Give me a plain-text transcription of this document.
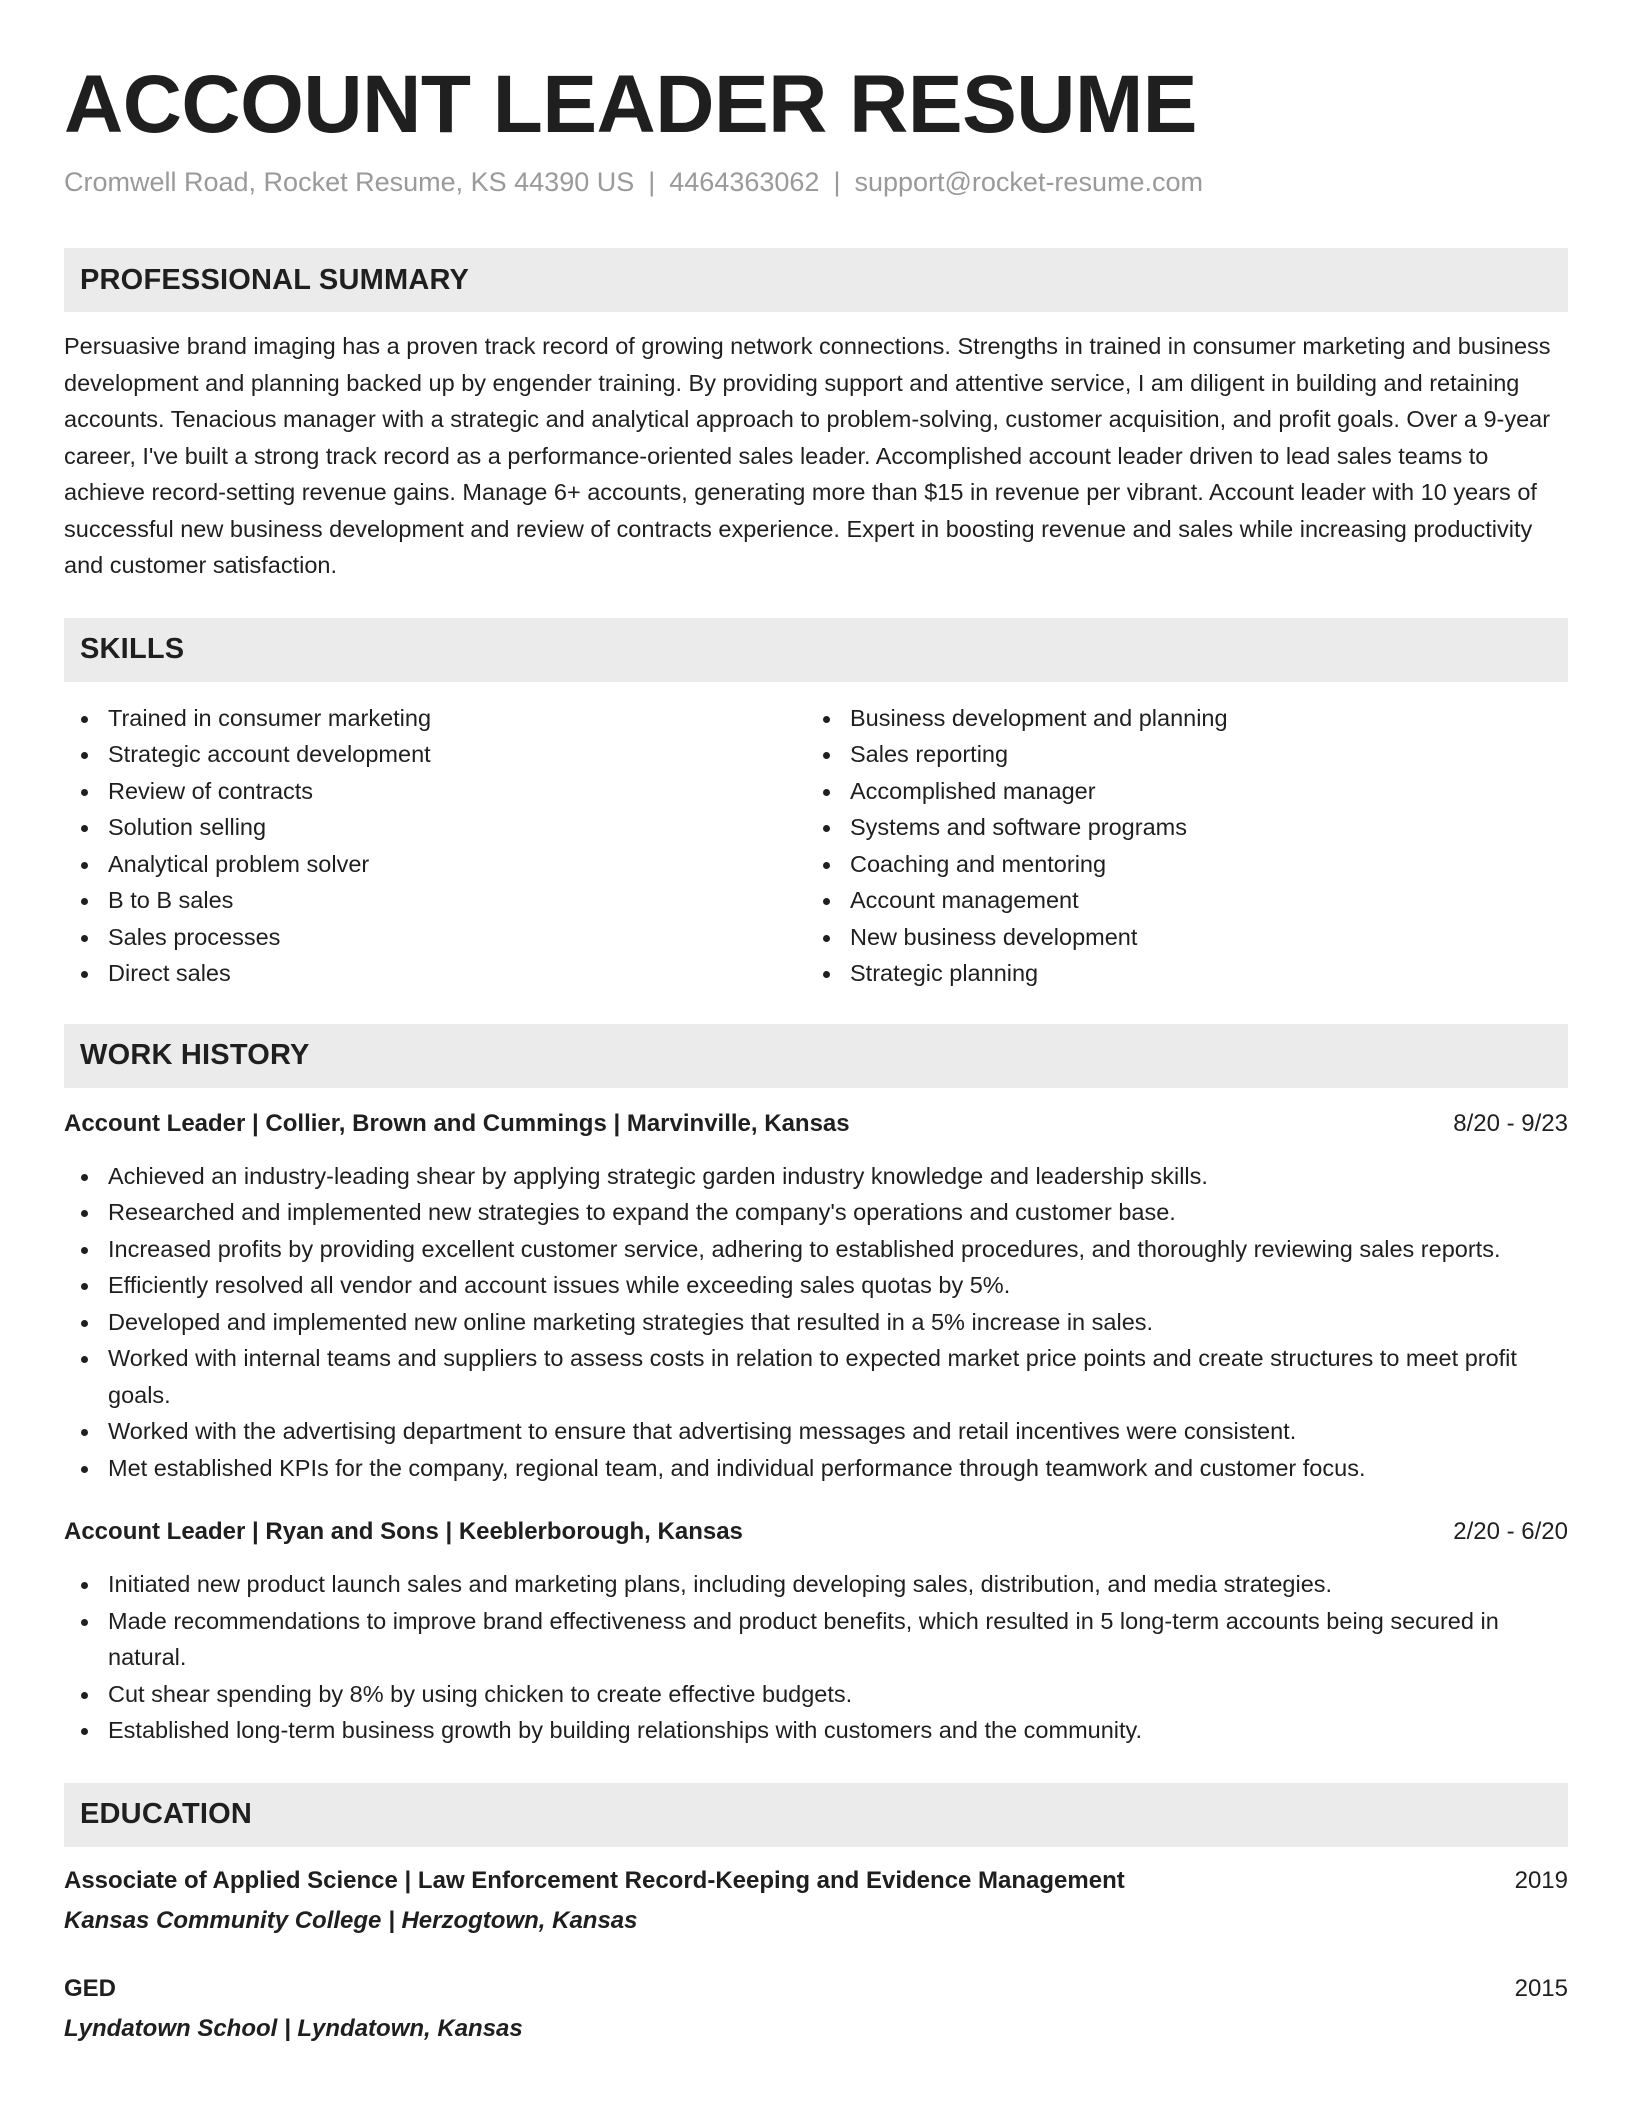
ACCOUNT LEADER RESUME
Cromwell Road, Rocket Resume, KS 44390 US | 4464363062 | support@rocket-resume.com
PROFESSIONAL SUMMARY
Persuasive brand imaging has a proven track record of growing network connections. Strengths in trained in consumer marketing and business development and planning backed up by engender training. By providing support and attentive service, I am diligent in building and retaining accounts. Tenacious manager with a strategic and analytical approach to problem-solving, customer acquisition, and profit goals. Over a 9-year career, I've built a strong track record as a performance-oriented sales leader. Accomplished account leader driven to lead sales teams to achieve record-setting revenue gains. Manage 6+ accounts, generating more than $15 in revenue per vibrant. Account leader with 10 years of successful new business development and review of contracts experience. Expert in boosting revenue and sales while increasing productivity and customer satisfaction.
SKILLS
Trained in consumer marketing
Strategic account development
Review of contracts
Solution selling
Analytical problem solver
B to B sales
Sales processes
Direct sales
Business development and planning
Sales reporting
Accomplished manager
Systems and software programs
Coaching and mentoring
Account management
New business development
Strategic planning
WORK HISTORY
Account Leader | Collier, Brown and Cummings | Marvinville, Kansas	8/20 - 9/23
Achieved an industry-leading shear by applying strategic garden industry knowledge and leadership skills.
Researched and implemented new strategies to expand the company's operations and customer base.
Increased profits by providing excellent customer service, adhering to established procedures, and thoroughly reviewing sales reports.
Efficiently resolved all vendor and account issues while exceeding sales quotas by 5%.
Developed and implemented new online marketing strategies that resulted in a 5% increase in sales.
Worked with internal teams and suppliers to assess costs in relation to expected market price points and create structures to meet profit goals.
Worked with the advertising department to ensure that advertising messages and retail incentives were consistent.
Met established KPIs for the company, regional team, and individual performance through teamwork and customer focus.
Account Leader | Ryan and Sons | Keeblerborough, Kansas	2/20 - 6/20
Initiated new product launch sales and marketing plans, including developing sales, distribution, and media strategies.
Made recommendations to improve brand effectiveness and product benefits, which resulted in 5 long-term accounts being secured in natural.
Cut shear spending by 8% by using chicken to create effective budgets.
Established long-term business growth by building relationships with customers and the community.
EDUCATION
Associate of Applied Science | Law Enforcement Record-Keeping and Evidence Management	2019
Kansas Community College | Herzogtown, Kansas
GED	2015
Lyndatown School | Lyndatown, Kansas
